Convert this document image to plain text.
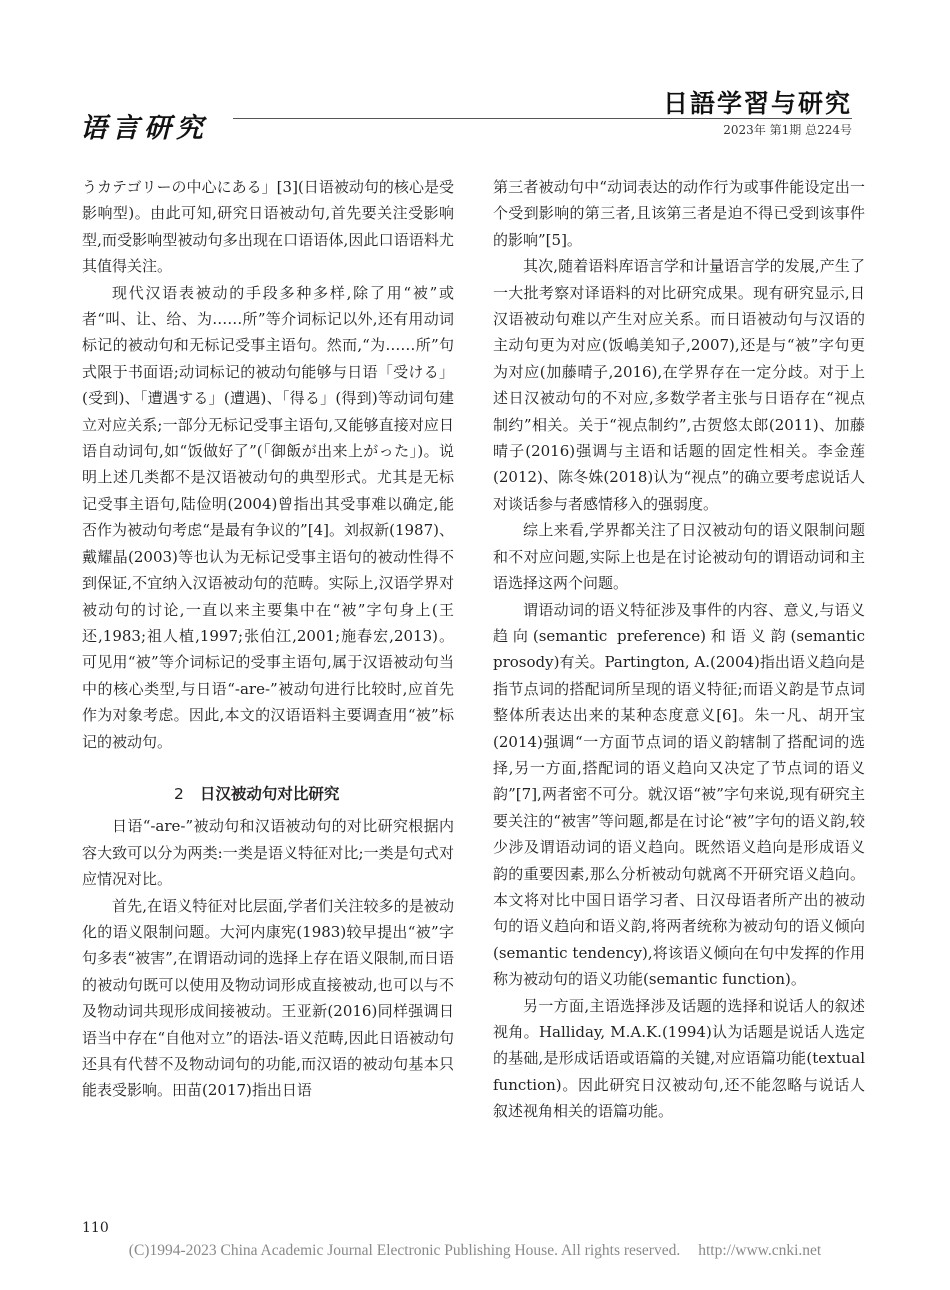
语言研究
日語学習与研究
2023年 第1期 总224号

うカテゴリーの中心にある」[3](日语被动句的核心是受影响型)。由此可知,研究日语被动句,首先要关注受影响型,而受影响型被动句多出现在口语语体,因此口语语料尤其值得关注。

现代汉语表被动的手段多种多样,除了用“被”或者“叫、让、给、为……所”等介词标记以外,还有用动词标记的被动句和无标记受事主语句。然而,“为……所”句式限于书面语;动词标记的被动句能够与日语「受ける」(受到)、「遭遇する」(遭遇)、「得る」(得到)等动词句建立对应关系;一部分无标记受事主语句,又能够直接对应日语自动词句,如“饭做好了”(「御飯が出来上がった」)。说明上述几类都不是汉语被动句的典型形式。尤其是无标记受事主语句,陆俭明(2004)曾指出其受事难以确定,能否作为被动句考虑“是最有争议的”[4]。刘叔新(1987)、戴耀晶(2003)等也认为无标记受事主语句的被动性得不到保证,不宜纳入汉语被动句的范畴。实际上,汉语学界对被动句的讨论,一直以来主要集中在“被”字句身上(王还,1983;祖人植,1997;张伯江,2001;施春宏,2013)。可见用“被”等介词标记的受事主语句,属于汉语被动句当中的核心类型,与日语“-are-”被动句进行比较时,应首先作为对象考虑。因此,本文的汉语语料主要调查用“被”标记的被动句。

2 日汉被动句对比研究

日语“-are-”被动句和汉语被动句的对比研究根据内容大致可以分为两类:一类是语义特征对比;一类是句式对应情况对比。

首先,在语义特征对比层面,学者们关注较多的是被动化的语义限制问题。大河内康宪(1983)较早提出“被”字句多表“被害”,在谓语动词的选择上存在语义限制,而日语的被动句既可以使用及物动词形成直接被动,也可以与不及物动词共现形成间接被动。王亚新(2016)同样强调日语当中存在“自他对立”的语法-语义范畴,因此日语被动句还具有代替不及物动词句的功能,而汉语的被动句基本只能表受影响。田苗(2017)指出日语

第三者被动句中“动词表达的动作行为或事件能设定出一个受到影响的第三者,且该第三者是迫不得已受到该事件的影响”[5]。

其次,随着语料库语言学和计量语言学的发展,产生了一大批考察对译语料的对比研究成果。现有研究显示,日汉语被动句难以产生对应关系。而日语被动句与汉语的主动句更为对应(饭嶋美知子,2007),还是与“被”字句更为对应(加藤晴子,2016),在学界存在一定分歧。对于上述日汉被动句的不对应,多数学者主张与日语存在“视点制约”相关。关于“视点制约”,古贺悠太郎(2011)、加藤晴子(2016)强调与主语和话题的固定性相关。李金莲(2012)、陈冬姝(2018)认为“视点”的确立要考虑说话人对谈话参与者感情移入的强弱度。

综上来看,学界都关注了日汉被动句的语义限制问题和不对应问题,实际上也是在讨论被动句的谓语动词和主语选择这两个问题。

谓语动词的语义特征涉及事件的内容、意义,与语义趋向(semantic preference)和语义韵(semantic prosody)有关。Partington, A.(2004)指出语义趋向是指节点词的搭配词所呈现的语义特征;而语义韵是节点词整体所表达出来的某种态度意义[6]。朱一凡、胡开宝(2014)强调“一方面节点词的语义韵辖制了搭配词的选择,另一方面,搭配词的语义趋向又决定了节点词的语义韵”[7],两者密不可分。就汉语“被”字句来说,现有研究主要关注的“被害”等问题,都是在讨论“被”字句的语义韵,较少涉及谓语动词的语义趋向。既然语义趋向是形成语义韵的重要因素,那么分析被动句就离不开研究语义趋向。本文将对比中国日语学习者、日汉母语者所产出的被动句的语义趋向和语义韵,将两者统称为被动句的语义倾向(semantic tendency),将该语义倾向在句中发挥的作用称为被动句的语义功能(semantic function)。

另一方面,主语选择涉及话题的选择和说话人的叙述视角。Halliday, M.A.K.(1994)认为话题是说话人选定的基础,是形成话语或语篇的关键,对应语篇功能(textual function)。因此研究日汉被动句,还不能忽略与说话人叙述视角相关的语篇功能。

110
(C)1994-2023 China Academic Journal Electronic Publishing House. All rights reserved. http://www.cnki.net
